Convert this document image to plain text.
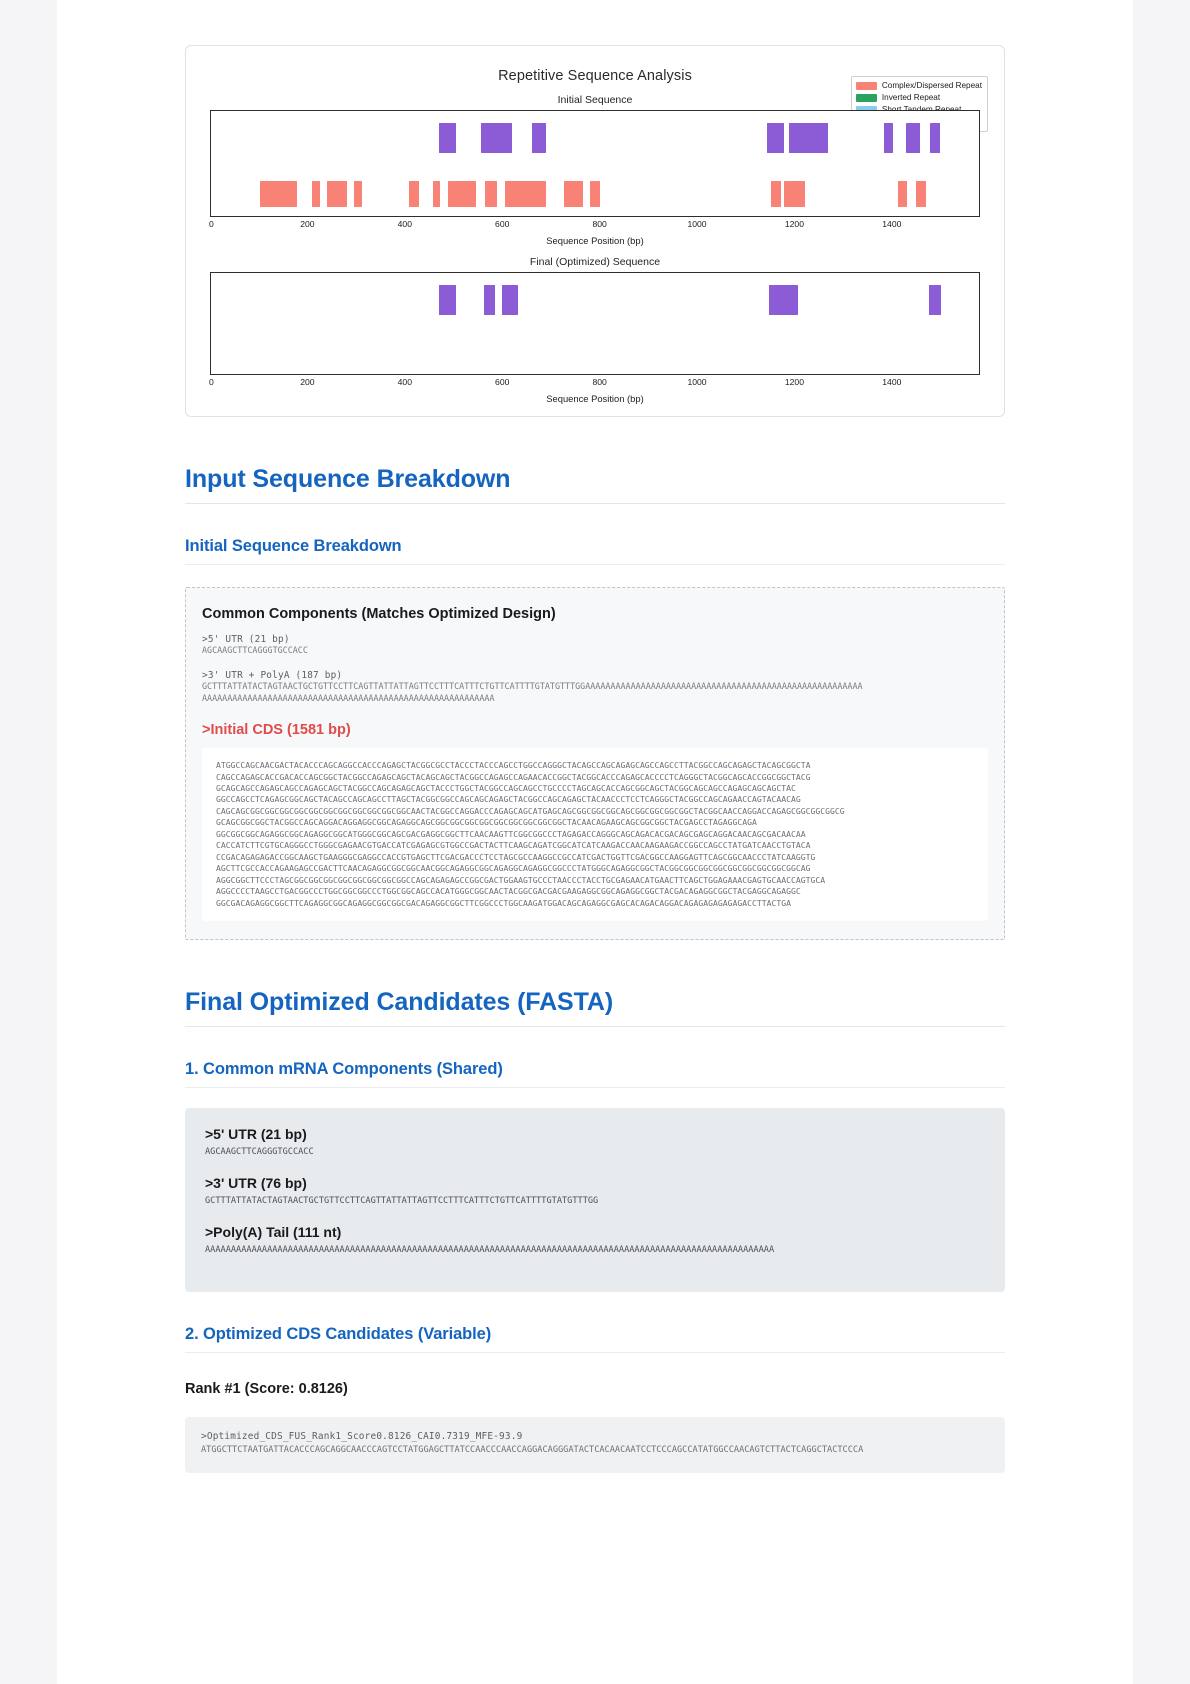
Repetitive Sequence Analysis
Complex/Dispersed Repeat
Inverted Repeat
Initial Sequence
0	200	400	600	800	1000	1200	1400
Sequence Position (bp)
Final (Optimized) Sequence
0	200	400	600	800	1000	1200	1400
Sequence Position (bp)
Input Sequence Breakdown
Initial Sequence Breakdown
Common Components (Matches Optimized Design)
>5' UTR (21 bp)
AGCAAGCTTCAGGGTGCCACC
>3' UTR + PolyA (187 bp)
GCTTTATTATACTAGTAACTGCTGTTCCTTCAGTTATTATTAGTTCCTTTCATTTCTGTTCATTTTGTATGTTTGGAAAAAAAAAAAAAAAAAAAAAAAAAAAAAAAAAAAAAAAAAAAAAAAAAAAAAAA
AAAAAAAAAAAAAAAAAAAAAAAAAAAAAAAAAAAAAAAAAAAAAAAAAAAAAAAAAA
>Initial CDS (1581 bp)
ATGGCCAGCAACGACTACACCCAGCAGGCCACCCAGAGCTACGGCGCCTACCCTACCCAGCCTGGCCAGGGCTACAGCCAGCAGAGCAGCCAGCCTTACGGCCAGCAGAGCTACAGCGGCTA
CAGCCAGAGCACCGACACCAGCGGCTACGGCCAGAGCAGCTACAGCAGCTACGGCCAGAGCCAGAACACCGGCTACGGCACCCAGAGCACCCCTCAGGGCTACGGCAGCACCGGCGGCTACG
GCAGCAGCCAGAGCAGCCAGAGCAGCTACGGCCAGCAGAGCAGCTACCCTGGCTACGGCCAGCAGCCTGCCCCTAGCAGCACCAGCGGCAGCTACGGCAGCAGCCAGAGCAGCAGCTAC
GGCCAGCCTCAGAGCGGCAGCTACAGCCAGCAGCCTTAGCTACGGCGGCCAGCAGCAGAGCTACGGCCAGCAGAGCTACAACCCTCCTCAGGGCTACGGCCAGCAGAACCAGTACAACAG
CAGCAGCGGCGGCGGCGGCGGCGGCGGCGGCGGCGGCGGCAACTACGGCCAGGACCCAGAGCAGCATGAGCAGCGGCGGCGGCAGCGGCGGCGGCGGCTACGGCAACCAGGACCAGAGCGGCGGCGGCG
GCAGCGGCGGCTACGGCCAGCAGGACAGGAGGCGGCAGAGGCAGCGGCGGCGGCGGCGGCGGCGGCGGCGGCTACAACAGAAGCAGCGGCGGCTACGAGCCTAGAGGCAGA
GGCGGCGGCAGAGGCGGCAGAGGCGGCATGGGCGGCAGCGACGAGGCGGCTTCAACAAGTTCGGCGGCCCTAGAGACCAGGGCAGCAGACACGACAGCGAGCAGGACAACAGCGACAACAA
CACCATCTTCGTGCAGGGCCTGGGCGAGAACGTGACCATCGAGAGCGTGGCCGACTACTTCAAGCAGATCGGCATCATCAAGACCAACAAGAAGACCGGCCAGCCTATGATCAACCTGTACA
CCGACAGAGAGACCGGCAAGCTGAAGGGCGAGGCCACCGTGAGCTTCGACGACCCTCCTAGCGCCAAGGCCGCCATCGACTGGTTCGACGGCCAAGGAGTTCAGCGGCAACCCTATCAAGGTG
AGCTTCGCCACCAGAAGAGCCGACTTCAACAGAGGCGGCGGCAACGGCAGAGGCGGCAGAGGCAGAGGCGGCCCTATGGGCAGAGGCGGCTACGGCGGCGGCGGCGGCGGCGGCGGCGGCAG
AGGCGGCTTCCCTAGCGGCGGCGGCGGCGGCGGCGGCGGCCAGCAGAGAGCCGGCGACTGGAAGTGCCCTAACCCTACCTGCGAGAACATGAACTTCAGCTGGAGAAACGAGTGCAACCAGTGCA
AGGCCCCTAAGCCTGACGGCCCTGGCGGCGGCCCTGGCGGCAGCCACATGGGCGGCAACTACGGCGACGACGAAGAGGCGGCAGAGGCGGCTACGACAGAGGCGGCTACGAGGCAGAGGC
GGCGACAGAGGCGGCTTCAGAGGCGGCAGAGGCGGCGGCGACAGAGGCGGCTTCGGCCCTGGCAAGATGGACAGCAGAGGCGAGCACAGACAGGACAGAGAGAGAGAGACCTTACTGA
Final Optimized Candidates (FASTA)
1. Common mRNA Components (Shared)
>5' UTR (21 bp)
AGCAAGCTTCAGGGTGCCACC
>3' UTR (76 bp)
GCTTTATTATACTAGTAACTGCTGTTCCTTCAGTTATTATTAGTTCCTTTCATTTCTGTTCATTTTGTATGTTTGG
>Poly(A) Tail (111 nt)
AAAAAAAAAAAAAAAAAAAAAAAAAAAAAAAAAAAAAAAAAAAAAAAAAAAAAAAAAAAAAAAAAAAAAAAAAAAAAAAAAAAAAAAAAAAAAAAAAAAAAAAAAAAAAA
2. Optimized CDS Candidates (Variable)
Rank #1 (Score: 0.8126)
>Optimized_CDS_FUS_Rank1_Score0.8126_CAI0.7319_MFE-93.9
ATGGCTTCTAATGATTACACCCAGCAGGCAACCCAGTCCTATGGAGCTTATCCAACCCAACCAGGACAGGGATACTCACAACAATCCTCCCAGCCATATGGCCAACAGTCTTACTCAGGCTACTCCCA
